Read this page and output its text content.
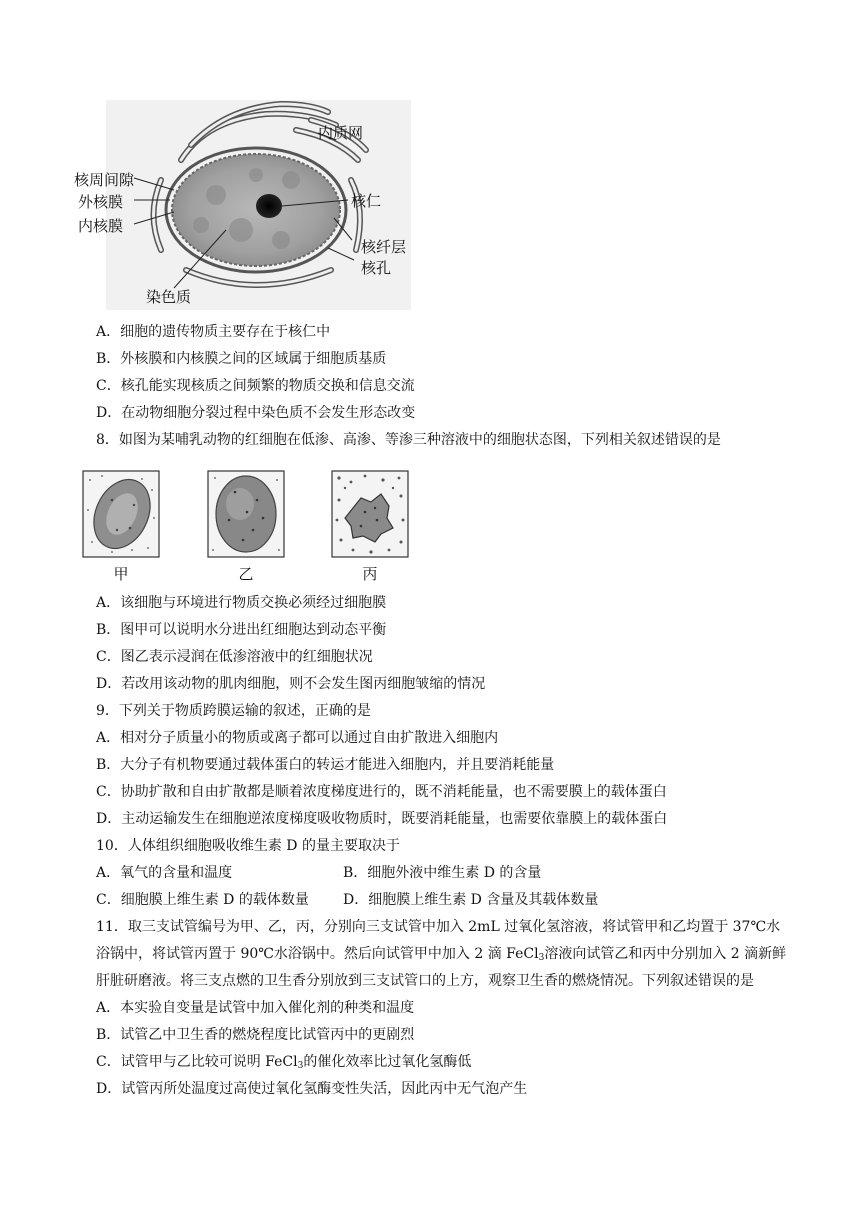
内质网
核周间隙
外核膜
内核膜
核仁
核纤层
核孔
染色质
A．细胞的遗传物质主要存在于核仁中
B．外核膜和内核膜之间的区域属于细胞质基质
C．核孔能实现核质之间频繁的物质交换和信息交流
D．在动物细胞分裂过程中染色质不会发生形态改变
8．如图为某哺乳动物的红细胞在低渗、高渗、等渗三种溶液中的细胞状态图，下列相关叙述错误的是
甲	乙	丙
A．该细胞与环境进行物质交换必须经过细胞膜
B．图甲可以说明水分进出红细胞达到动态平衡
C．图乙表示浸润在低渗溶液中的红细胞状况
D．若改用该动物的肌肉细胞，则不会发生图丙细胞皱缩的情况
9．下列关于物质跨膜运输的叙述，正确的是
A．相对分子质量小的物质或离子都可以通过自由扩散进入细胞内
B．大分子有机物要通过载体蛋白的转运才能进入细胞内，并且要消耗能量
C．协助扩散和自由扩散都是顺着浓度梯度进行的，既不消耗能量，也不需要膜上的载体蛋白
D．主动运输发生在细胞逆浓度梯度吸收物质时，既要消耗能量，也需要依靠膜上的载体蛋白
10．人体组织细胞吸收维生素 D 的量主要取决于
A．氧气的含量和温度	B．细胞外液中维生素 D 的含量
C．细胞膜上维生素 D 的载体数量 D．细胞膜上维生素 D 含量及其载体数量
11．取三支试管编号为甲、乙，丙，分别向三支试管中加入 2mL 过氧化氢溶液，将试管甲和乙均置于 37℃水
浴锅中，将试管丙置于 90℃水浴锅中。然后向试管甲中加入 2 滴 FeCl$_3$溶液向试管乙和丙中分别加入 2 滴新鲜
肝脏研磨液。将三支点燃的卫生香分别放到三支试管口的上方，观察卫生香的燃烧情况。下列叙述错误的是
A．本实验自变量是试管中加入催化剂的种类和温度
B．试管乙中卫生香的燃烧程度比试管丙中的更剧烈
C．试管甲与乙比较可说明 FeCl$_3$的催化效率比过氧化氢酶低
D．试管丙所处温度过高使过氧化氢酶变性失活，因此丙中无气泡产生
